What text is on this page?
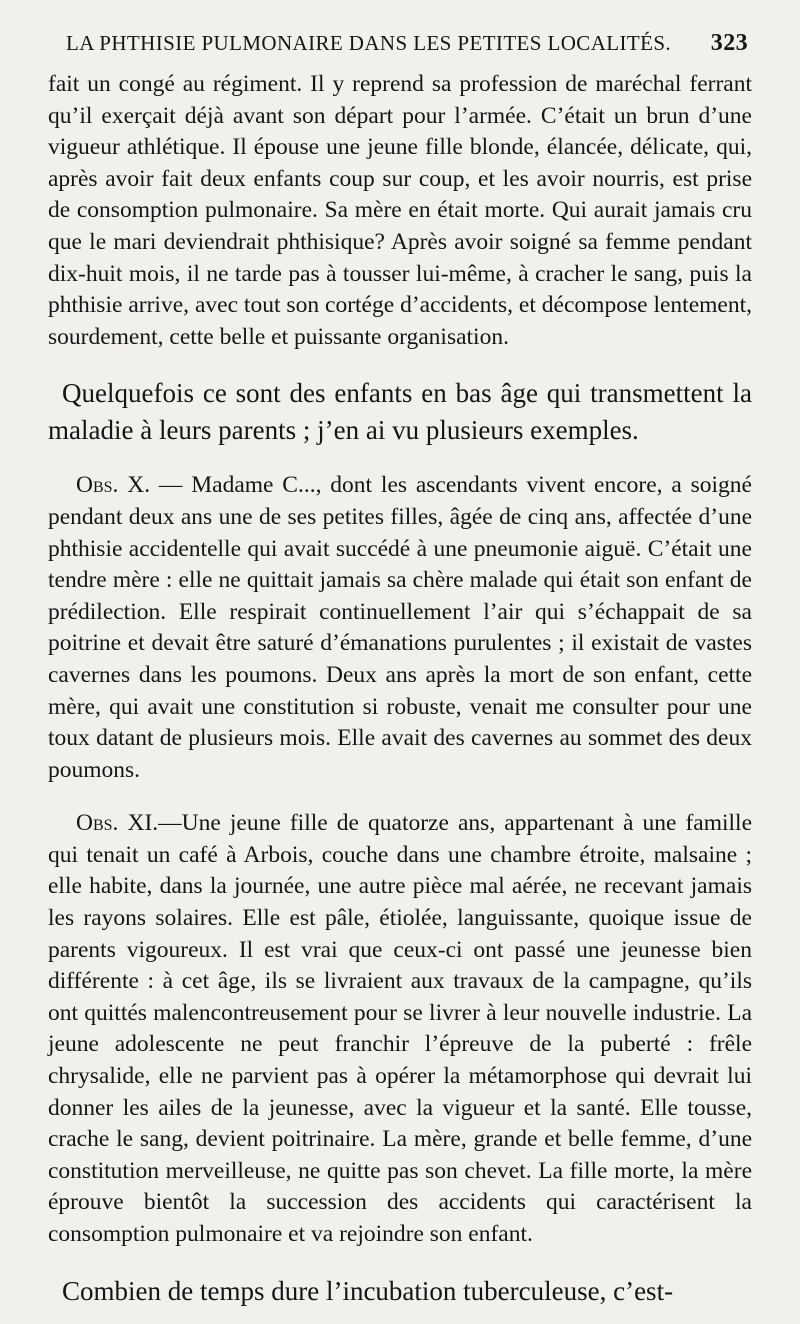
LA PHTHISIE PULMONAIRE DANS LES PETITES LOCALITÉS. 323

fait un congé au régiment. Il y reprend sa profession de maréchal ferrant qu’il exerçait déjà avant son départ pour l’armée. C’était un brun d’une vigueur athlétique. Il épouse une jeune fille blonde, élancée, délicate, qui, après avoir fait deux enfants coup sur coup, et les avoir nourris, est prise de consomption pulmonaire. Sa mère en était morte. Qui aurait jamais cru que le mari deviendrait phthisique? Après avoir soigné sa femme pendant dix-huit mois, il ne tarde pas à tousser lui-même, à cracher le sang, puis la phthisie arrive, avec tout son cortége d’accidents, et décompose lentement, sourdement, cette belle et puissante organisation.

Quelquefois ce sont des enfants en bas âge qui transmettent la maladie à leurs parents ; j’en ai vu plusieurs exemples.

Obs. X. — Madame C..., dont les ascendants vivent encore, a soigné pendant deux ans une de ses petites filles, âgée de cinq ans, affectée d’une phthisie accidentelle qui avait succédé à une pneumonie aiguë. C’était une tendre mère : elle ne quittait jamais sa chère malade qui était son enfant de prédilection. Elle respirait continuellement l’air qui s’échappait de sa poitrine et devait être saturé d’émanations purulentes ; il existait de vastes cavernes dans les poumons. Deux ans après la mort de son enfant, cette mère, qui avait une constitution si robuste, venait me consulter pour une toux datant de plusieurs mois. Elle avait des cavernes au sommet des deux poumons.

Obs. XI.—Une jeune fille de quatorze ans, appartenant à une famille qui tenait un café à Arbois, couche dans une chambre étroite, malsaine ; elle habite, dans la journée, une autre pièce mal aérée, ne recevant jamais les rayons solaires. Elle est pâle, étiolée, languissante, quoique issue de parents vigoureux. Il est vrai que ceux-ci ont passé une jeunesse bien différente : à cet âge, ils se livraient aux travaux de la campagne, qu’ils ont quittés malencontreusement pour se livrer à leur nouvelle industrie. La jeune adolescente ne peut franchir l’épreuve de la puberté : frêle chrysalide, elle ne parvient pas à opérer la métamorphose qui devrait lui donner les ailes de la jeunesse, avec la vigueur et la santé. Elle tousse, crache le sang, devient poitrinaire. La mère, grande et belle femme, d’une constitution merveilleuse, ne quitte pas son chevet. La fille morte, la mère éprouve bientôt la succession des accidents qui caractérisent la consomption pulmonaire et va rejoindre son enfant.

Combien de temps dure l’incubation tuberculeuse, c’est-
